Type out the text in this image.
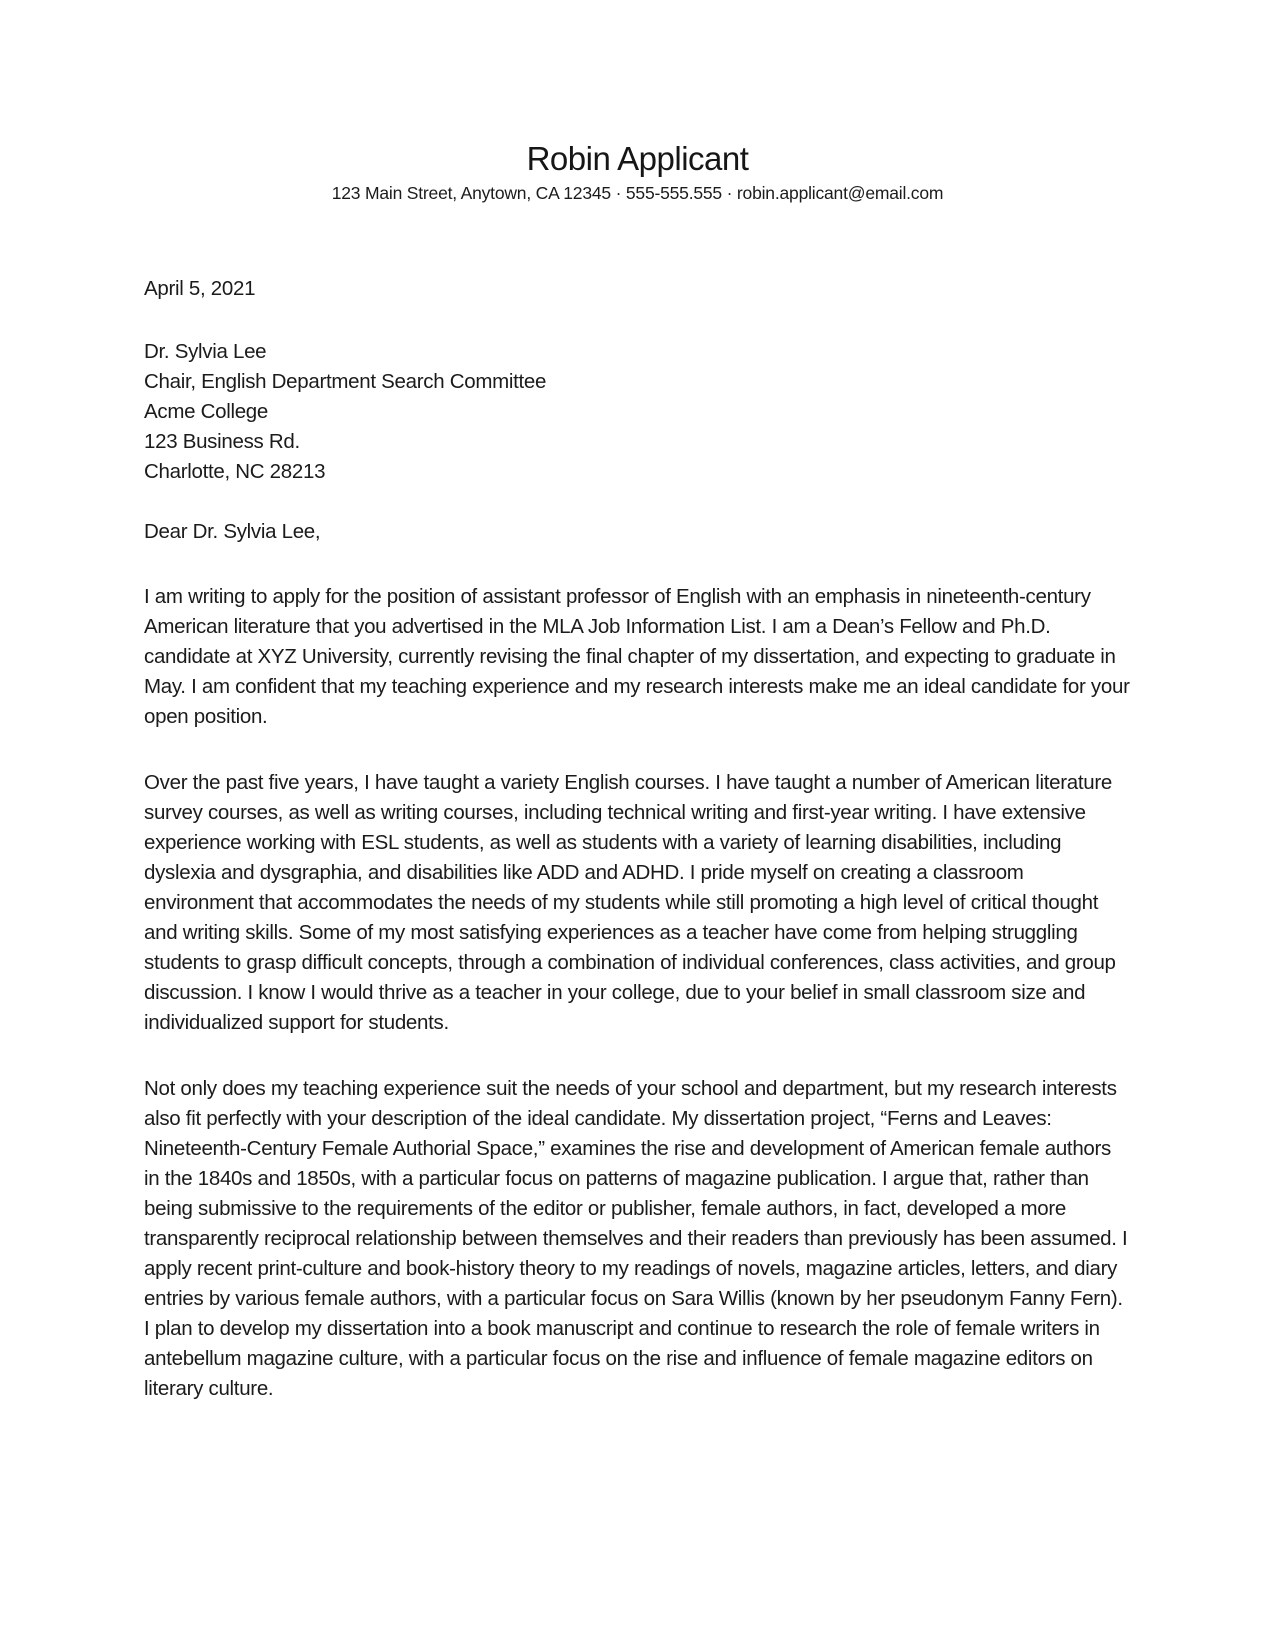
Robin Applicant
123 Main Street, Anytown, CA 12345 · 555-555.555 · robin.applicant@email.com
April 5, 2021
Dr. Sylvia Lee
Chair, English Department Search Committee
Acme College
123 Business Rd.
Charlotte, NC 28213
Dear Dr. Sylvia Lee,

I am writing to apply for the position of assistant professor of English with an emphasis in nineteenth-century American literature that you advertised in the MLA Job Information List. I am a Dean’s Fellow and Ph.D. candidate at XYZ University, currently revising the final chapter of my dissertation, and expecting to graduate in May. I am confident that my teaching experience and my research interests make me an ideal candidate for your open position.

Over the past five years, I have taught a variety English courses. I have taught a number of American literature survey courses, as well as writing courses, including technical writing and first-year writing. I have extensive experience working with ESL students, as well as students with a variety of learning disabilities, including dyslexia and dysgraphia, and disabilities like ADD and ADHD. I pride myself on creating a classroom environment that accommodates the needs of my students while still promoting a high level of critical thought and writing skills. Some of my most satisfying experiences as a teacher have come from helping struggling students to grasp difficult concepts, through a combination of individual conferences, class activities, and group discussion. I know I would thrive as a teacher in your college, due to your belief in small classroom size and individualized support for students.

Not only does my teaching experience suit the needs of your school and department, but my research interests also fit perfectly with your description of the ideal candidate. My dissertation project, “Ferns and Leaves: Nineteenth-Century Female Authorial Space,” examines the rise and development of American female authors in the 1840s and 1850s, with a particular focus on patterns of magazine publication. I argue that, rather than being submissive to the requirements of the editor or publisher, female authors, in fact, developed a more transparently reciprocal relationship between themselves and their readers than previously has been assumed. I apply recent print-culture and book-history theory to my readings of novels, magazine articles, letters, and diary entries by various female authors, with a particular focus on Sara Willis (known by her pseudonym Fanny Fern). I plan to develop my dissertation into a book manuscript and continue to research the role of female writers in antebellum magazine culture, with a particular focus on the rise and influence of female magazine editors on literary culture.
